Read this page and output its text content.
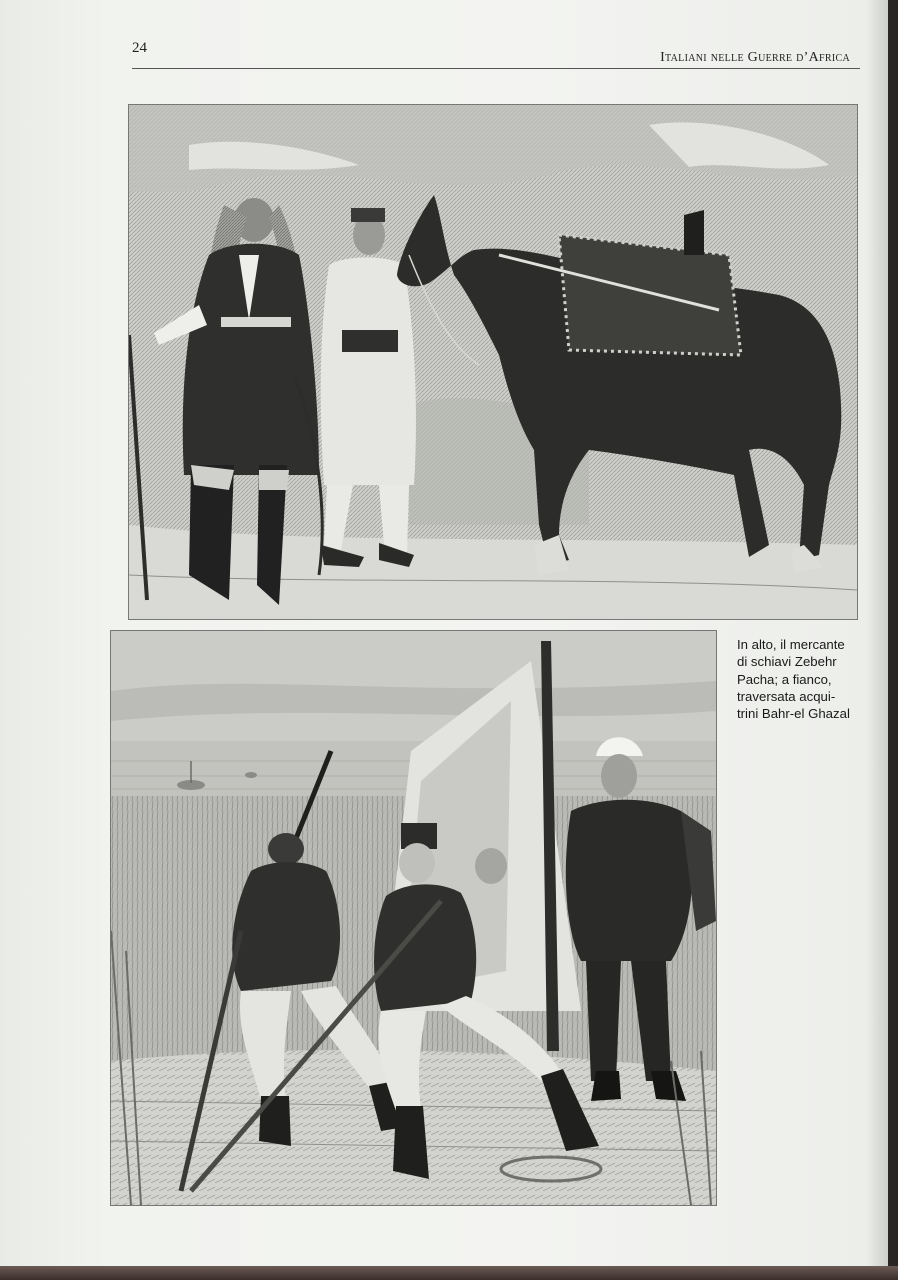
24
Italiani nelle Guerre d’Africa
In alto, il mercante
di schiavi Zebehr
Pacha; a fianco,
traversata acqui-
trini Bahr-el Ghazal
